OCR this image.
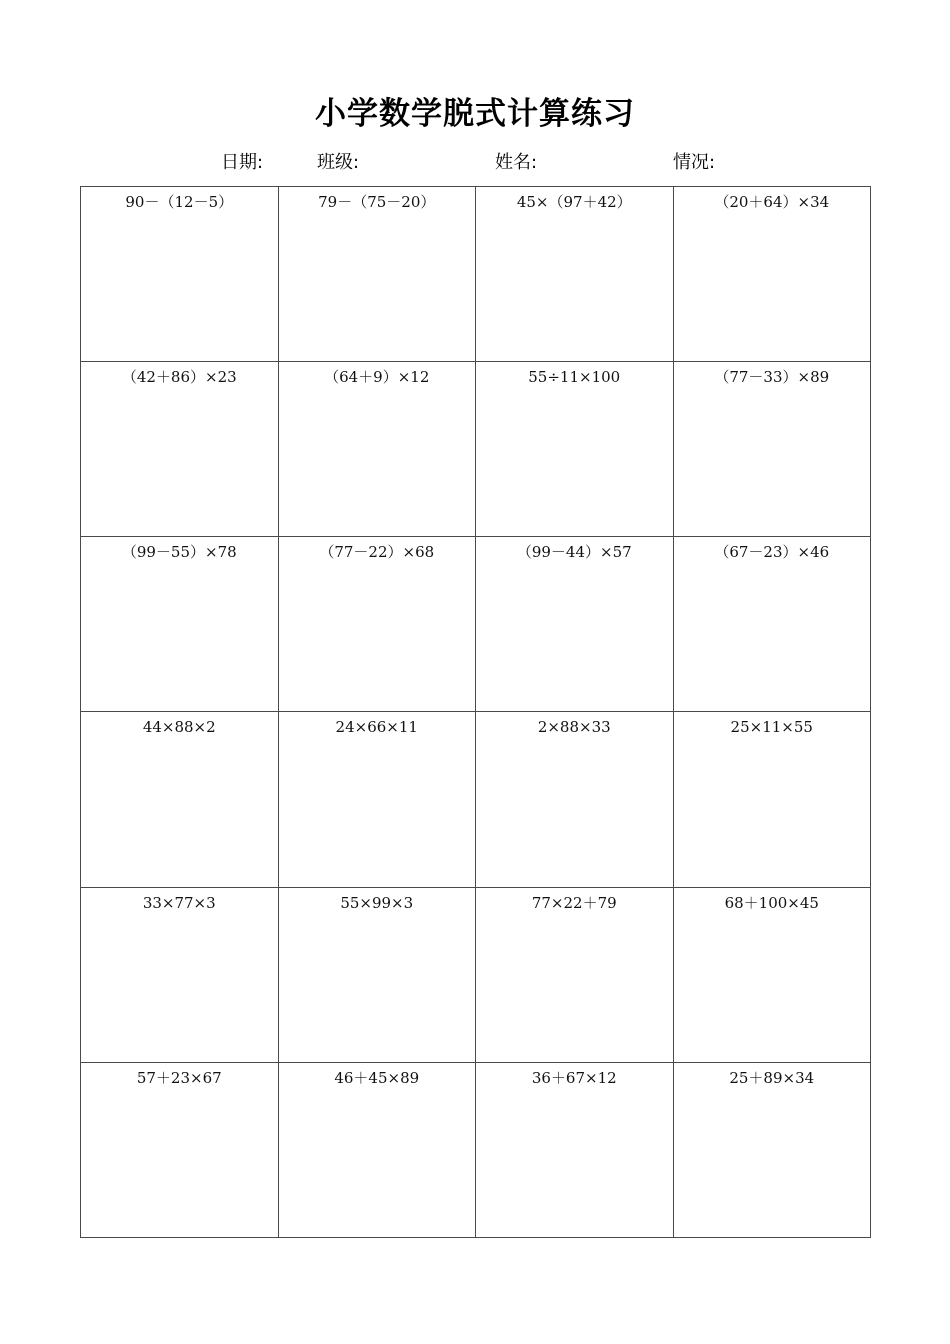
小学数学脱式计算练习
日期:	班级:	姓名:	情况:
90－（12－5）	79－（75－20）	45×（97＋42）	（20＋64）×34

（42＋86）×23	（64＋9）×12	55÷11×100	（77－33）×89

（99－55）×78	（77－22）×68	（99－44）×57	（67－23）×46

44×88×2	24×66×11	2×88×33	25×11×55

33×77×3	55×99×3	77×22＋79	68＋100×45

57＋23×67	46＋45×89	36＋67×12	25＋89×34
